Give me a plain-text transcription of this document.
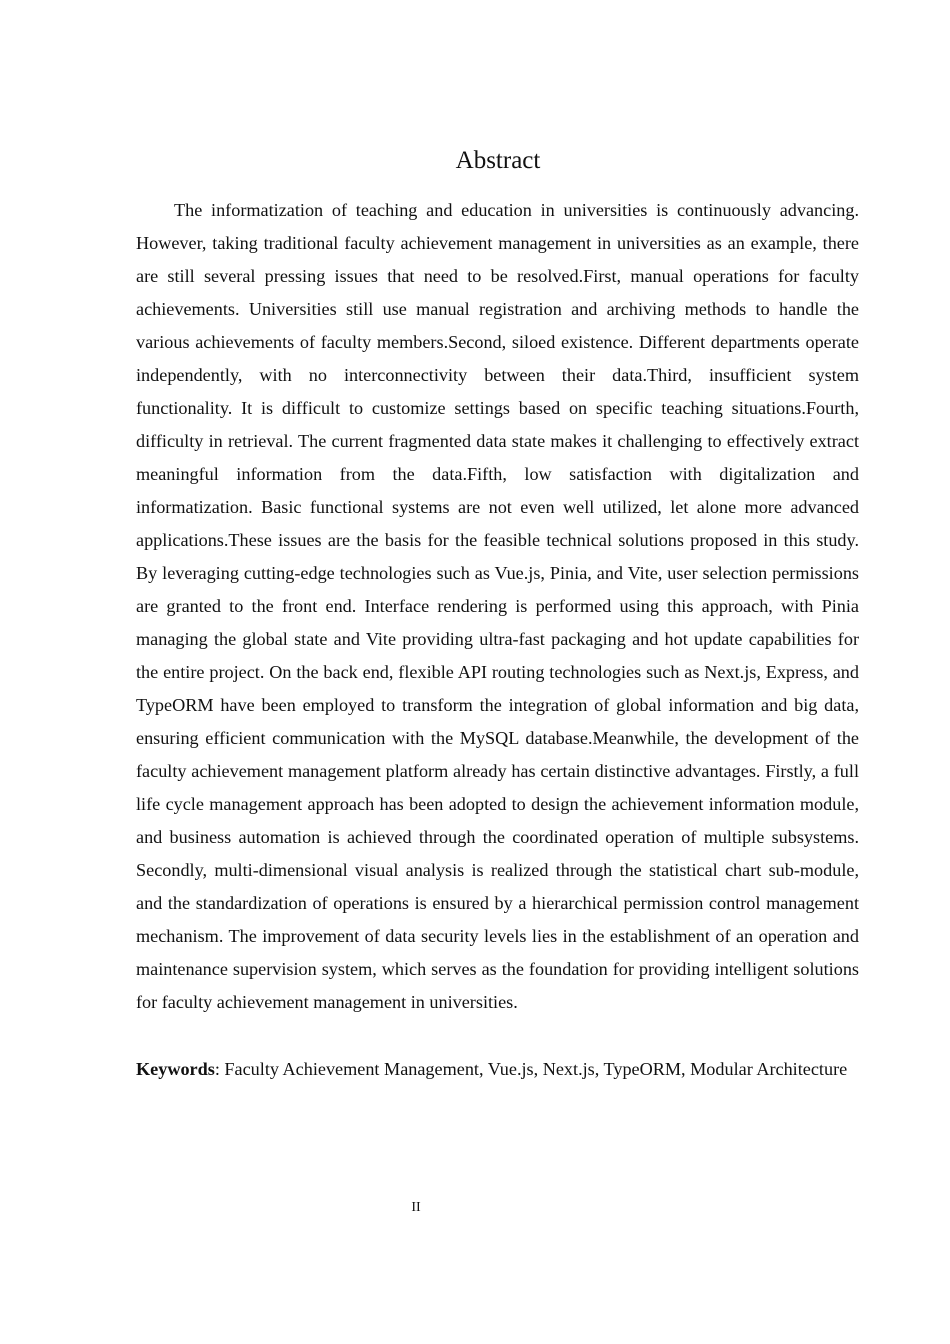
Abstract

The informatization of teaching and education in universities is continuously advancing. However, taking traditional faculty achievement management in universities as an example, there are still several pressing issues that need to be resolved.First, manual operations for faculty achievements. Universities still use manual registration and archiving methods to handle the various achievements of faculty members.Second, siloed existence. Different departments operate independently, with no interconnectivity between their data.Third, insufficient system functionality. It is difficult to customize settings based on specific teaching situations.Fourth, difficulty in retrieval. The current fragmented data state makes it challenging to effectively extract meaningful information from the data.Fifth, low satisfaction with digitalization and informatization. Basic functional systems are not even well utilized, let alone more advanced applications.These issues are the basis for the feasible technical solutions proposed in this study. By leveraging cutting-edge technologies such as Vue.js, Pinia, and Vite, user selection permissions are granted to the front end. Interface rendering is performed using this approach, with Pinia managing the global state and Vite providing ultra-fast packaging and hot update capabilities for the entire project. On the back end, flexible API routing technologies such as Next.js, Express, and TypeORM have been employed to transform the integration of global information and big data, ensuring efficient communication with the MySQL database.Meanwhile, the development of the faculty achievement management platform already has certain distinctive advantages. Firstly, a full life cycle management approach has been adopted to design the achievement information module, and business automation is achieved through the coordinated operation of multiple subsystems. Secondly, multi-dimensional visual analysis is realized through the statistical chart sub-module, and the standardization of operations is ensured by a hierarchical permission control management mechanism. The improvement of data security levels lies in the establishment of an operation and maintenance supervision system, which serves as the foundation for providing intelligent solutions for faculty achievement management in universities.

Keywords: Faculty Achievement Management, Vue.js, Next.js, TypeORM, Modular Architecture

II
